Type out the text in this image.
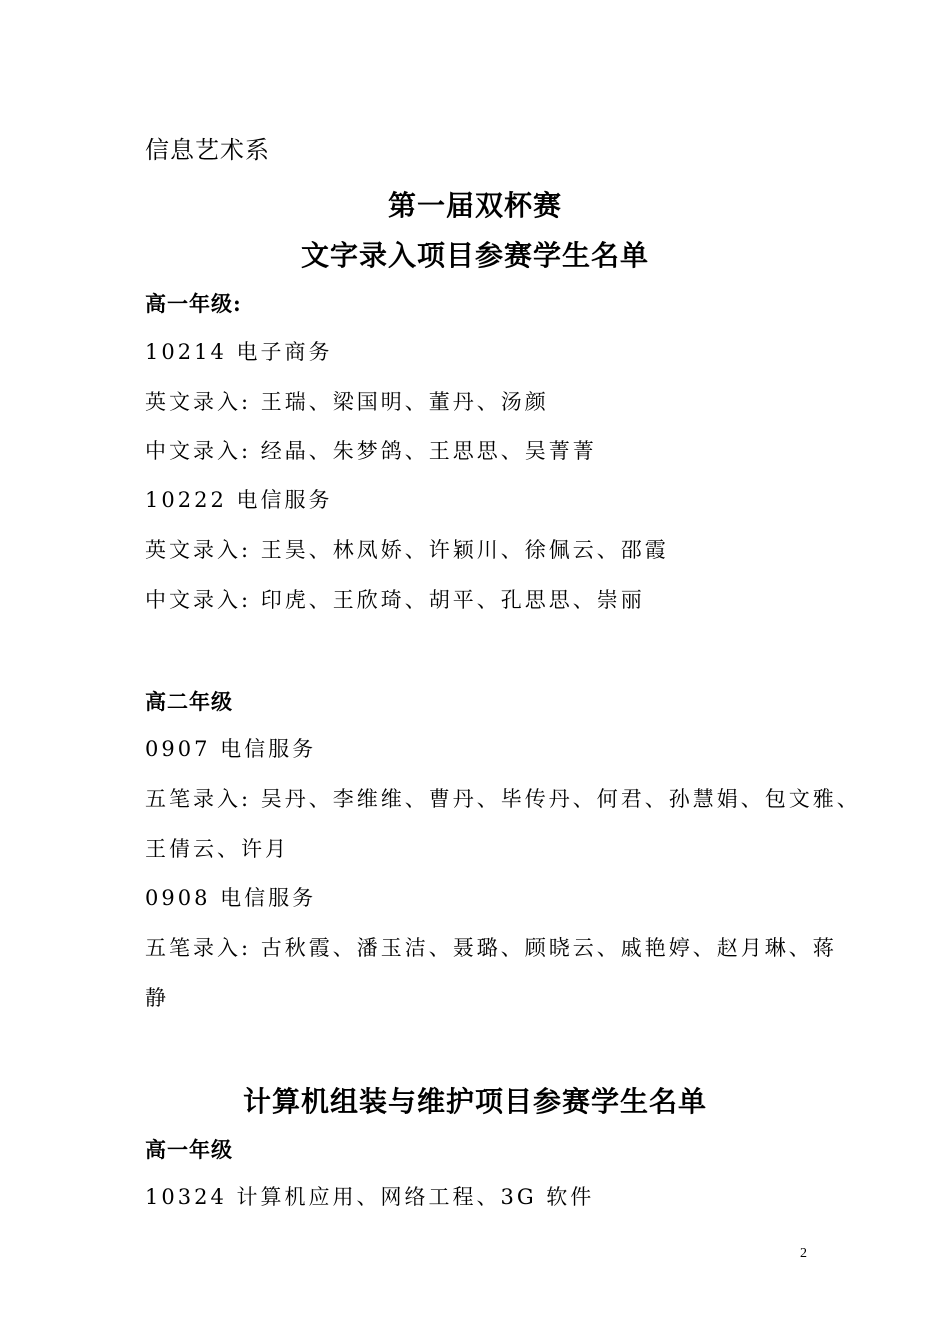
信息艺术系
第一届双杯赛
文字录入项目参赛学生名单
高一年级:
10214 电子商务
英文录入: 王瑞、梁国明、董丹、汤颜
中文录入: 经晶、朱梦鸽、王思思、吴菁菁
10222 电信服务
英文录入: 王昊、林凤娇、许颖川、徐佩云、邵霞
中文录入: 印虎、王欣琦、胡平、孔思思、崇丽
高二年级
0907 电信服务
五笔录入: 吴丹、李维维、曹丹、毕传丹、何君、孙慧娟、包文雅、
王倩云、许月
0908 电信服务
五笔录入: 古秋霞、潘玉洁、聂璐、顾晓云、戚艳婷、赵月琳、蒋
静
计算机组装与维护项目参赛学生名单
高一年级
10324 计算机应用、网络工程、3G 软件
2
